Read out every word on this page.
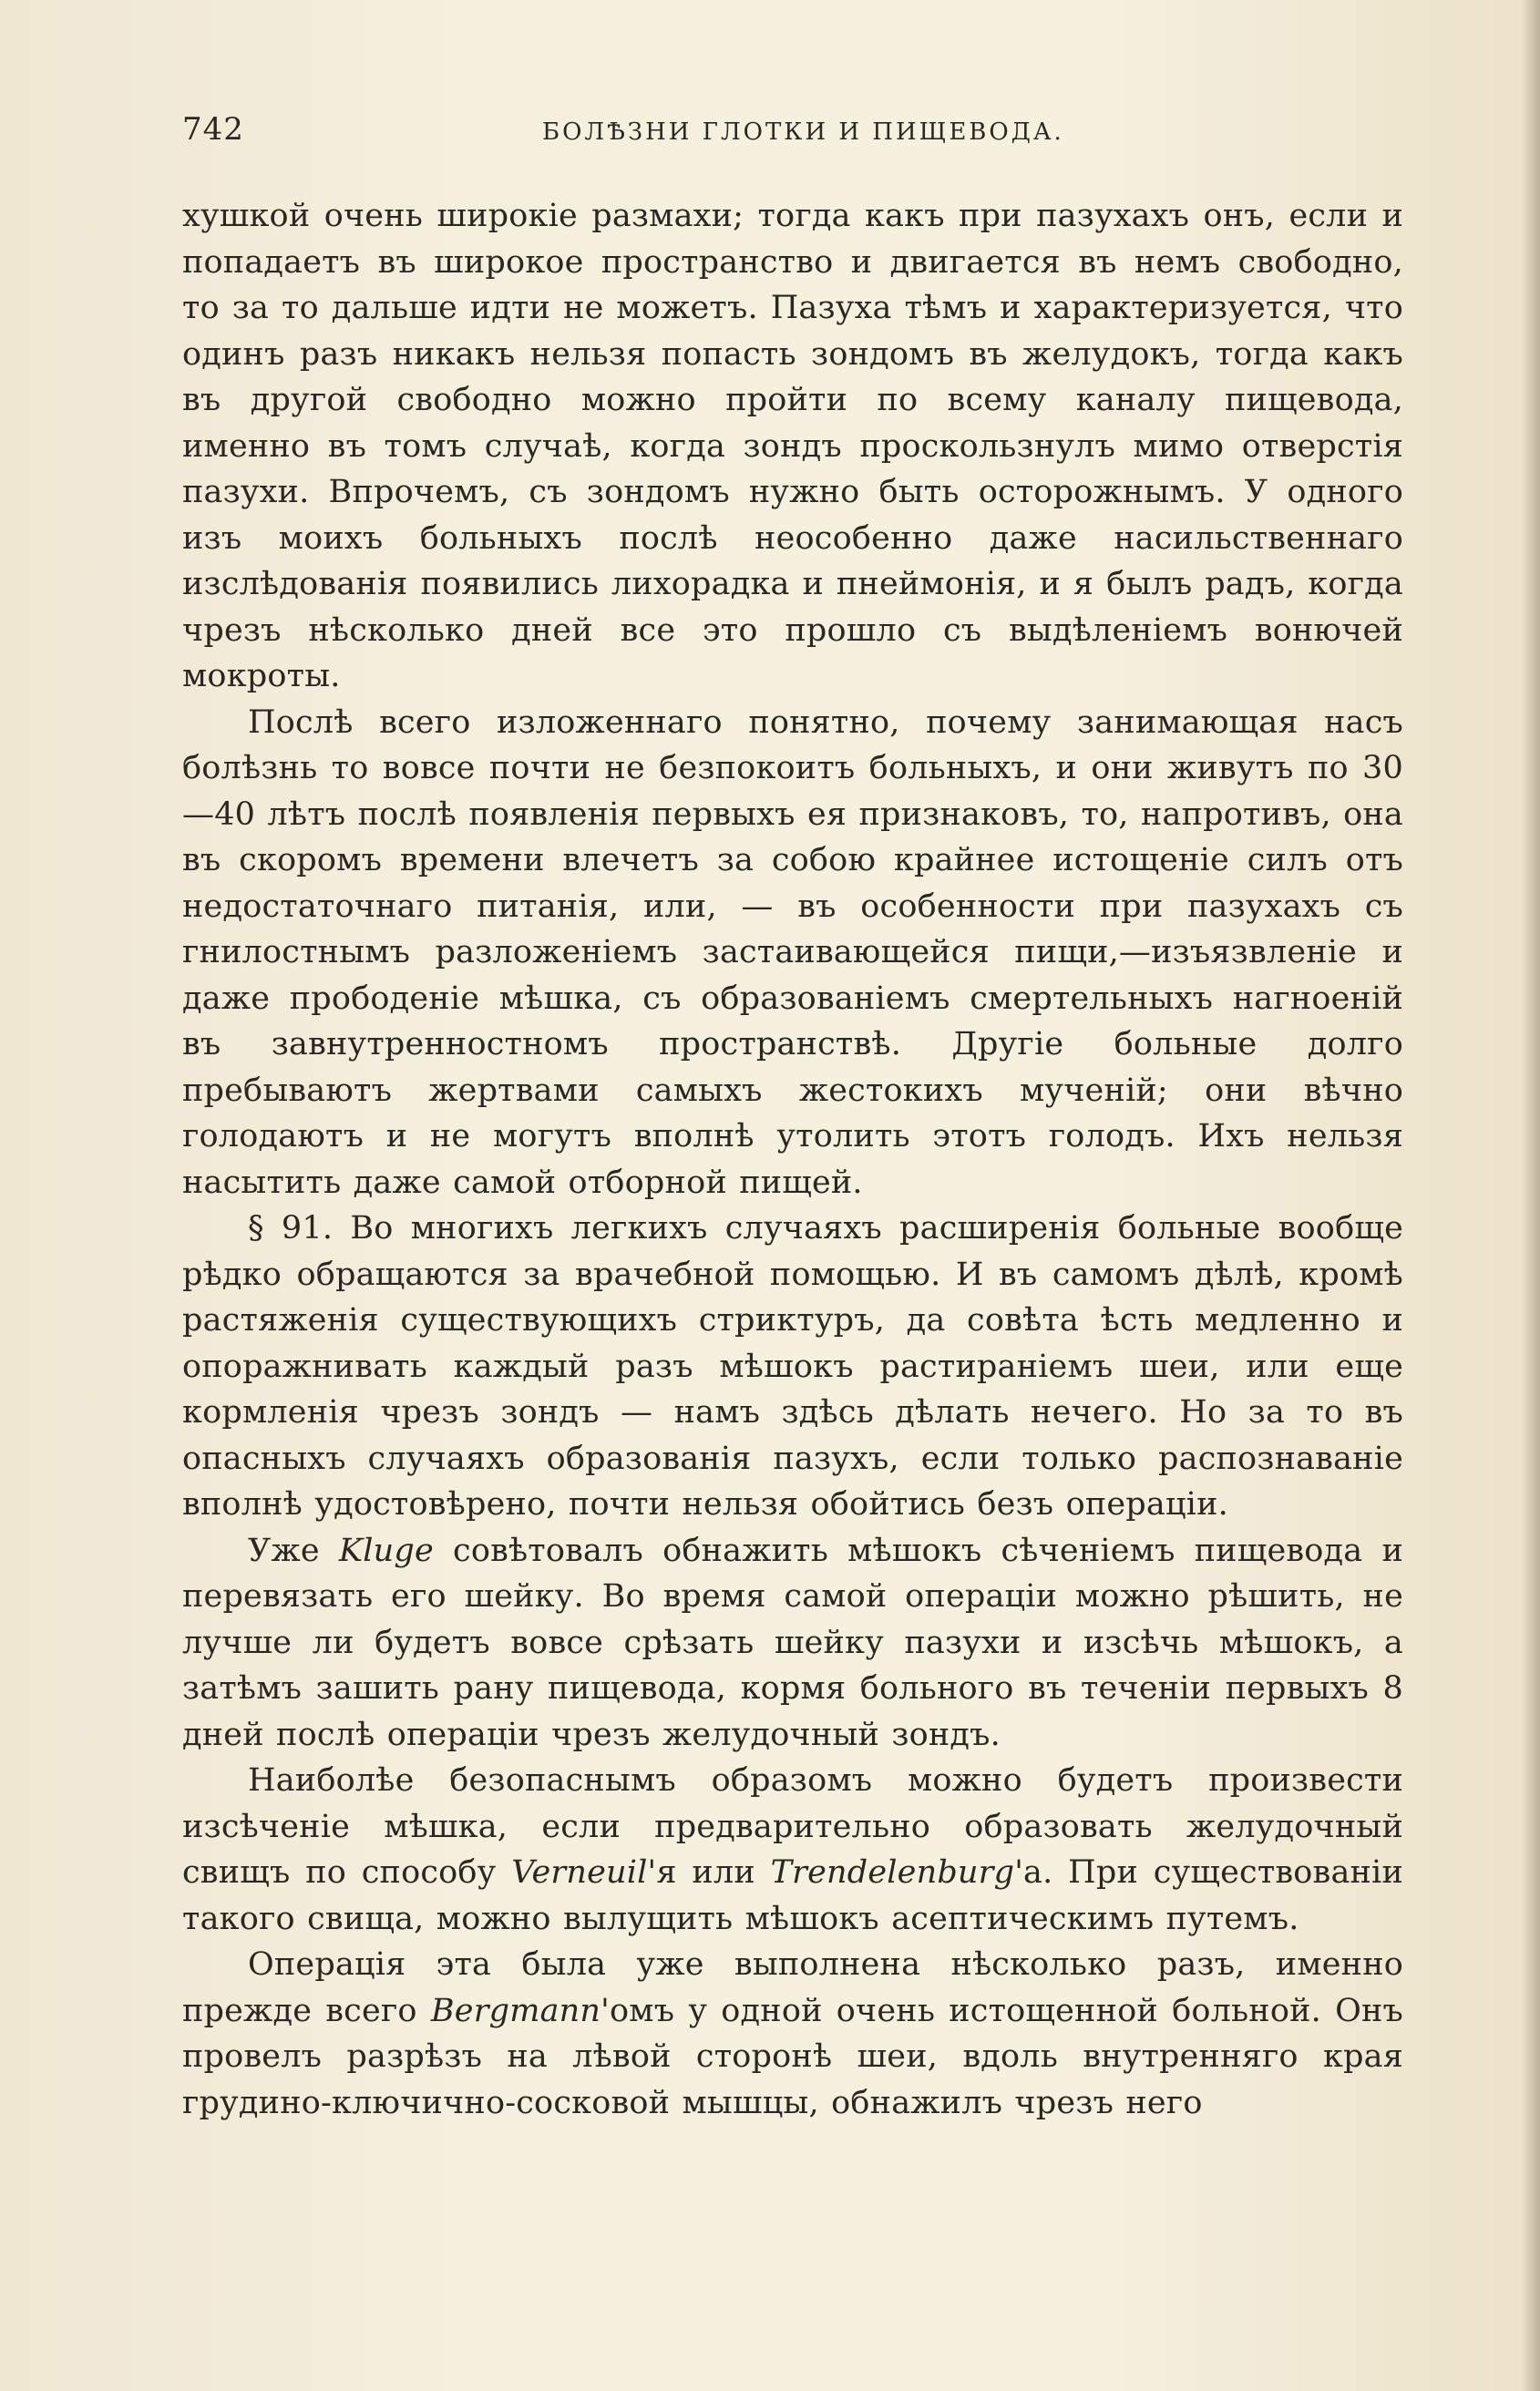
742	БОЛѢЗНИ ГЛОТКИ И ПИЩЕВОДА.

хушкой очень широкіе размахи; тогда какъ при пазухахъ онъ, если и попадаетъ въ широкое пространство и двигается въ немъ свободно, то за то дальше идти не можетъ. Пазуха тѣмъ и характеризуется, что одинъ разъ никакъ нельзя попасть зондомъ въ желудокъ, тогда какъ въ другой свободно можно пройти по всему каналу пищевода, именно въ томъ случаѣ, когда зондъ проскользнулъ мимо отверстія пазухи. Впрочемъ, съ зондомъ нужно быть осторожнымъ. У одного изъ моихъ больныхъ послѣ неособенно даже насильственнаго изслѣдованія появились лихорадка и пнеймонія, и я былъ радъ, когда чрезъ нѣсколько дней все это прошло съ выдѣленіемъ вонючей мокроты.

Послѣ всего изложеннаго понятно, почему занимающая насъ болѣзнь то вовсе почти не безпокоитъ больныхъ, и они живутъ по 30—40 лѣтъ послѣ появленія первыхъ ея признаковъ, то, напротивъ, она въ скоромъ времени влечетъ за собою крайнее истощеніе силъ отъ недостаточнаго питанія, или, — въ особенности при пазухахъ съ гнилостнымъ разложеніемъ застаивающейся пищи,—изъязвленіе и даже прободеніе мѣшка, съ образованіемъ смертельныхъ нагноеній въ завнутренностномъ пространствѣ. Другіе больные долго пребываютъ жертвами самыхъ жестокихъ мученій; они вѣчно голодаютъ и не могутъ вполнѣ утолить этотъ голодъ. Ихъ нельзя насытить даже самой отборной пищей.

§ 91. Во многихъ легкихъ случаяхъ расширенія больные вообще рѣдко обращаются за врачебной помощью. И въ самомъ дѣлѣ, кромѣ растяженія существующихъ стриктуръ, да совѣта ѣсть медленно и опоражнивать каждый разъ мѣшокъ растираніемъ шеи, или еще кормленія чрезъ зондъ — намъ здѣсь дѣлать нечего. Но за то въ опасныхъ случаяхъ образованія пазухъ, если только распознаваніе вполнѣ удостовѣрено, почти нельзя обойтись безъ операціи.

Уже Kluge совѣтовалъ обнажить мѣшокъ сѣченіемъ пищевода и перевязать его шейку. Во время самой операціи можно рѣшить, не лучше ли будетъ вовсе срѣзать шейку пазухи и изсѣчь мѣшокъ, а затѣмъ зашить рану пищевода, кормя больного въ теченіи первыхъ 8 дней послѣ операціи чрезъ желудочный зондъ.

Наиболѣе безопаснымъ образомъ можно будетъ произвести изсѣченіе мѣшка, если предварительно образовать желудочный свищъ по способу Verneuil'я или Trendelenburg'а. При существованіи такого свища, можно вылущить мѣшокъ асептическимъ путемъ.

Операція эта была уже выполнена нѣсколько разъ, именно прежде всего Bergmann'омъ у одной очень истощенной больной. Онъ провелъ разрѣзъ на лѣвой сторонѣ шеи, вдоль внутренняго края грудино-ключично-сосковой мышцы, обнажилъ чрезъ него
